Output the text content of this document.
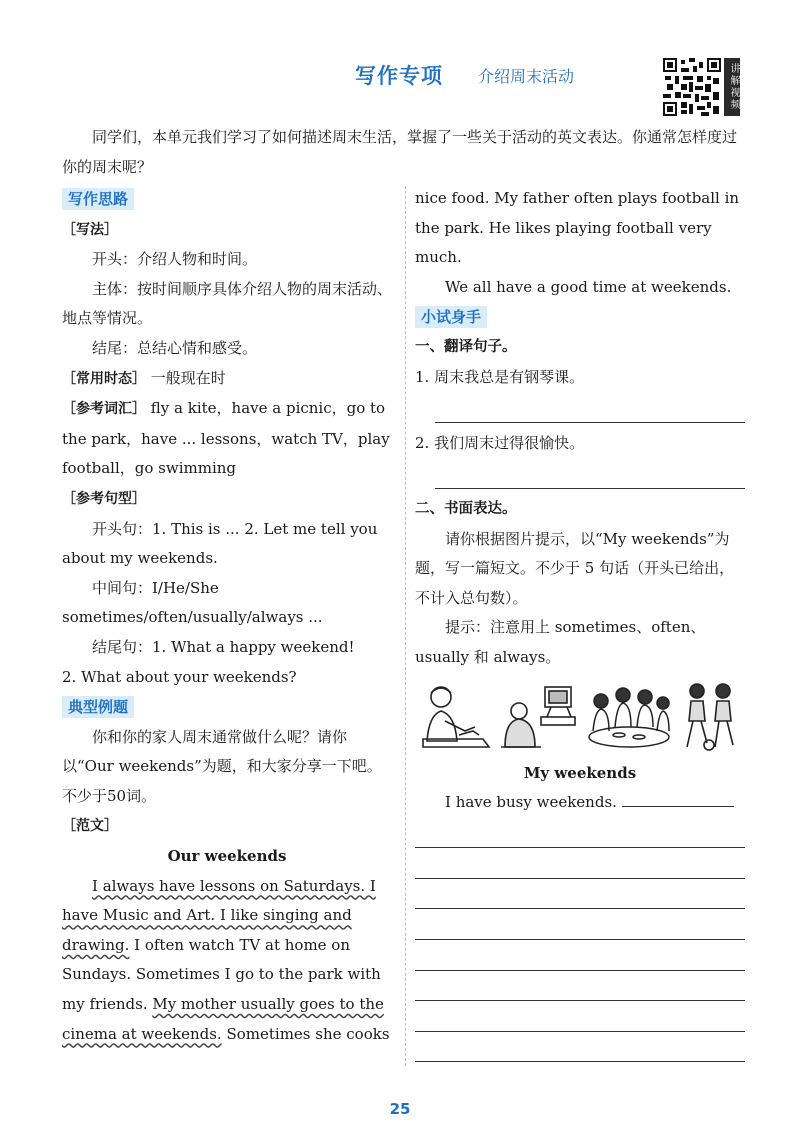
写作专项 介绍周末活动	讲解视频

同学们，本单元我们学习了如何描述周末生活，掌握了一些关于活动的英文表达。你通常怎样度过你的周末呢？

写作思路

［写法］

开头：介绍人物和时间。

主体：按时间顺序具体介绍人物的周末活动、地点等情况。

结尾：总结心情和感受。

［常用时态］ 一般现在时

［参考词汇］ fly a kite，have a picnic，go to the park，have ... lessons，watch TV，play football，go swimming

［参考句型］

开头句：1. This is ... 2. Let me tell you about my weekends.

中间句：I/He/She sometimes/often/usually/always ...

结尾句：1. What a happy weekend!

2. What about your weekends?

典型例题

你和你的家人周末通常做什么呢？请你以“Our weekends”为题，和大家分享一下吧。不少于50词。

［范文］

Our weekends

I always have lessons on Saturdays. I have Music and Art. I like singing and drawing. I often watch TV at home on Sundays. Sometimes I go to the park with my friends. My mother usually goes to the cinema at weekends. Sometimes she cooks

nice food. My father often plays football in the park. He likes playing football very much.

We all have a good time at weekends.

小试身手

一、翻译句子。

1. 周末我总是有钢琴课。

2. 我们周末过得很愉快。

二、书面表达。

请你根据图片提示，以“My weekends”为题，写一篇短文。不少于 5 句话（开头已给出，不计入总句数）。

提示：注意用上 sometimes、often、usually 和 always。

My weekends

I have busy weekends.

25
